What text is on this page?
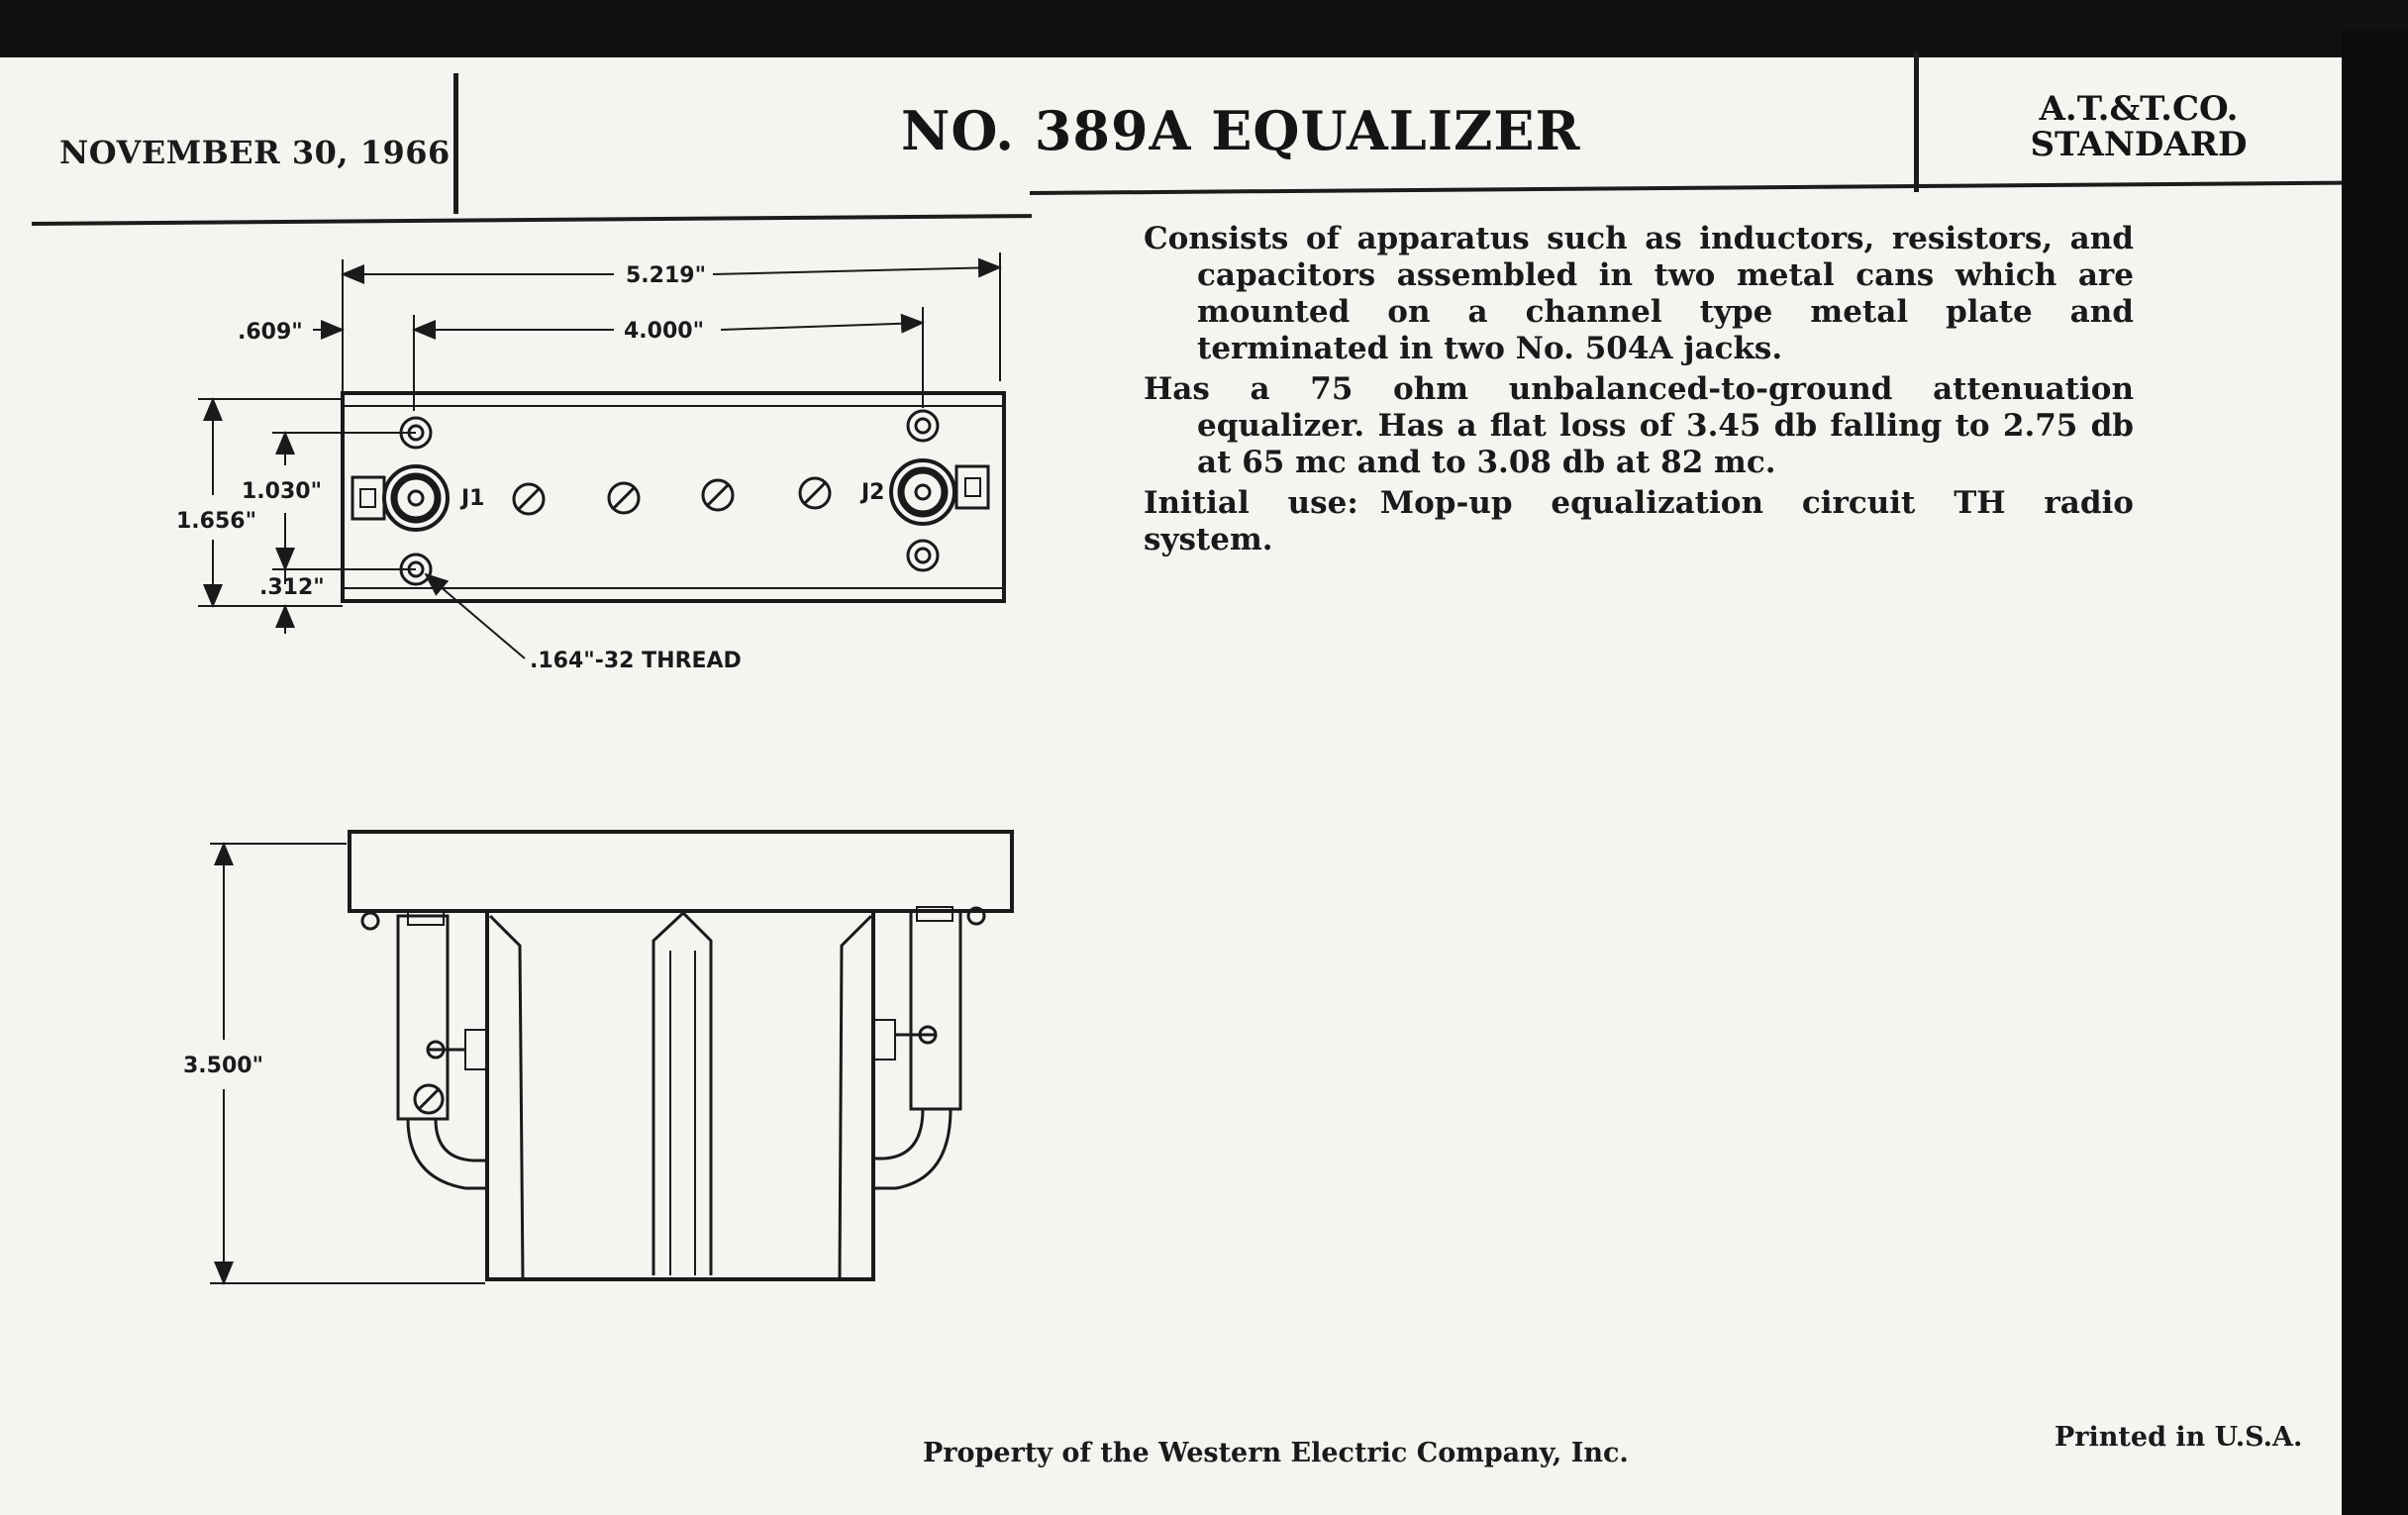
NOVEMBER 30, 1966	NO. 389A EQUALIZER	A.T.&T.CO.
STANDARD

Consists of apparatus such as inductors, resistors, and capacitors assembled in two metal cans which are mounted on a channel type metal plate and terminated in two No. 504A jacks.

Has a 75 ohm unbalanced-to-ground attenuation equalizer. Has a flat loss of 3.45 db falling to 2.75 db at 65 mc and to 3.08 db at 82 mc.

Initial use: Mop-up equalization circuit TH radio system.

5.219"
4.000"
.609"
1.656"
1.030"
.312"
J1	J2
.164"-32 THREAD
3.500"
Property of the Western Electric Company, Inc.
Printed in U.S.A.
